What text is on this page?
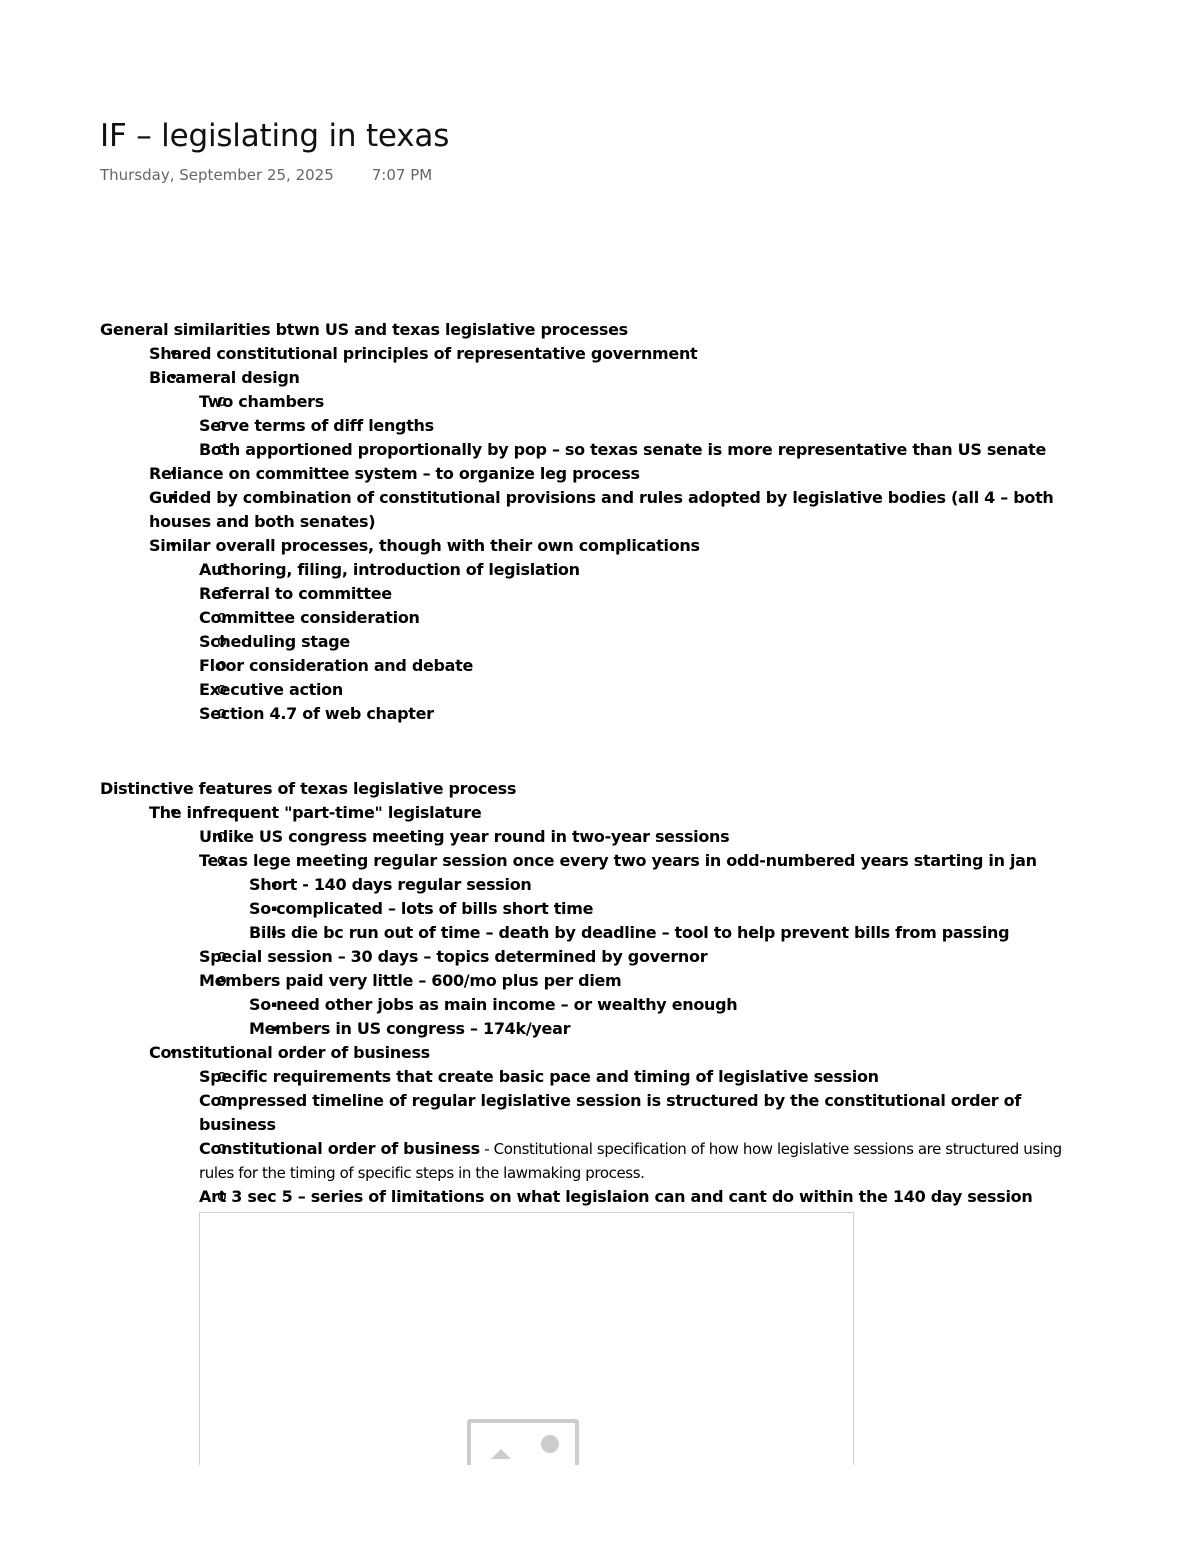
IF – legislating in texas
Thursday, September 25, 2025	7:07 PM

General similarities btwn US and texas legislative processes

• Shared constitutional principles of representative government
• Bicameral design
o Two chambers
o Serve terms of diff lengths
o Both apportioned proportionally by pop – so texas senate is more representative than US senate
• Reliance on committee system – to organize leg process
• Guided by combination of constitutional provisions and rules adopted by legislative bodies (all 4 – both houses and both senates)
• Similar overall processes, though with their own complications
o Authoring, filing, introduction of legislation
o Referral to committee
o Committee consideration
o Scheduling stage
o Floor consideration and debate
o Executive action
o Section 4.7 of web chapter

Distinctive features of texas legislative process

• The infrequent "part-time" legislature
o Unlike US congress meeting year round in two-year sessions
o Texas lege meeting regular session once every two years in odd-numbered years starting in jan
▪ Short - 140 days regular session
▪ So complicated – lots of bills short time
▪ Bills die bc run out of time – death by deadline – tool to help prevent bills from passing
o Special session – 30 days – topics determined by governor
o Members paid very little – 600/mo plus per diem
▪ So need other jobs as main income – or wealthy enough
▪ Members in US congress – 174k/year
• Constitutional order of business
o Specific requirements that create basic pace and timing of legislative session
o Compressed timeline of regular legislative session is structured by the constitutional order of business
o Constitutional order of business - Constitutional specification of how how legislative sessions are structured using rules for the timing of specific steps in the lawmaking process.
o Art 3 sec 5 – series of limitations on what legislaion can and cant do within the 140 day session
